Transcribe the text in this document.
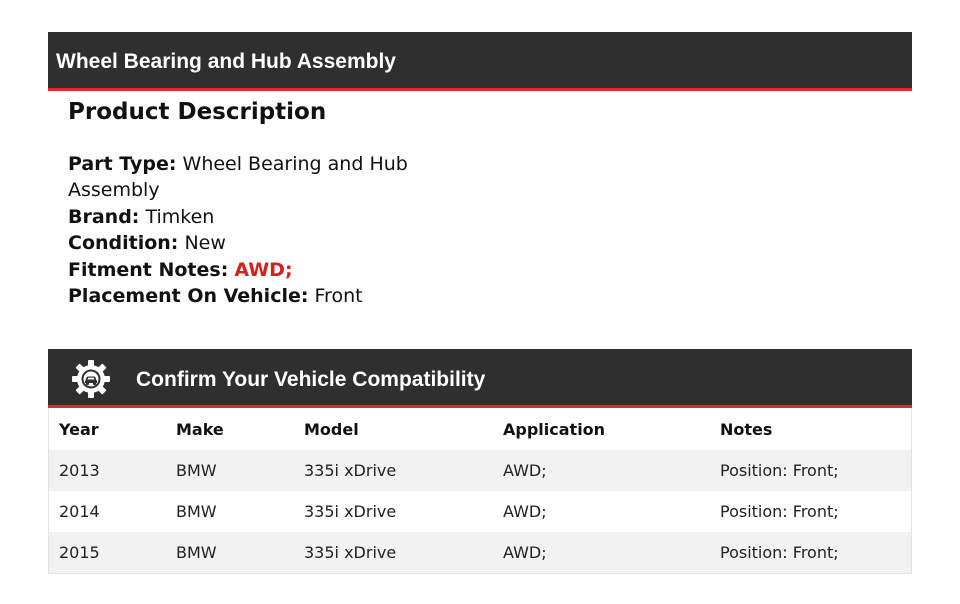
Wheel Bearing and Hub Assembly
Product Description
Part Type: Wheel Bearing and Hub Assembly
Brand: Timken
Condition: New
Fitment Notes: AWD;
Placement On Vehicle: Front
Confirm Your Vehicle Compatibility
Year	Make	Model	Application	Notes
2013	BMW	335i xDrive	AWD;	Position: Front;
2014	BMW	335i xDrive	AWD;	Position: Front;
2015	BMW	335i xDrive	AWD;	Position: Front;
